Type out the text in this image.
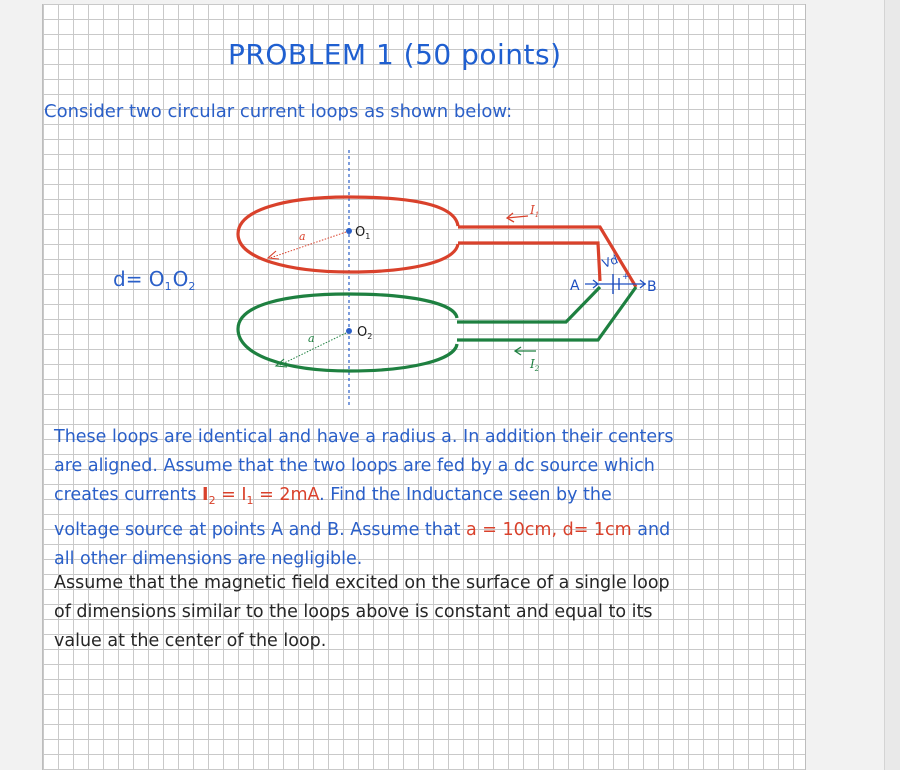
PROBLEM 1 (50 points)
Consider two circular current loops as shown below:
$d= O_1O_2$
$O_1$
$O_2$
a
a
$I_1$
$I_2$
Vd
A	B
+
These loops are identical and have a radius a. In addition their centers
are aligned. Assume that the two loops are fed by a dc source which
creates currents $I_2 = I_1 = 2mA$. Find the Inductance seen by the
voltage source at points A and B. Assume that a = 10cm, d= 1cm and
all other dimensions are negligible.
Assume that the magnetic field excited on the surface of a single loop
of dimensions similar to the loops above is constant and equal to its
value at the center of the loop.
